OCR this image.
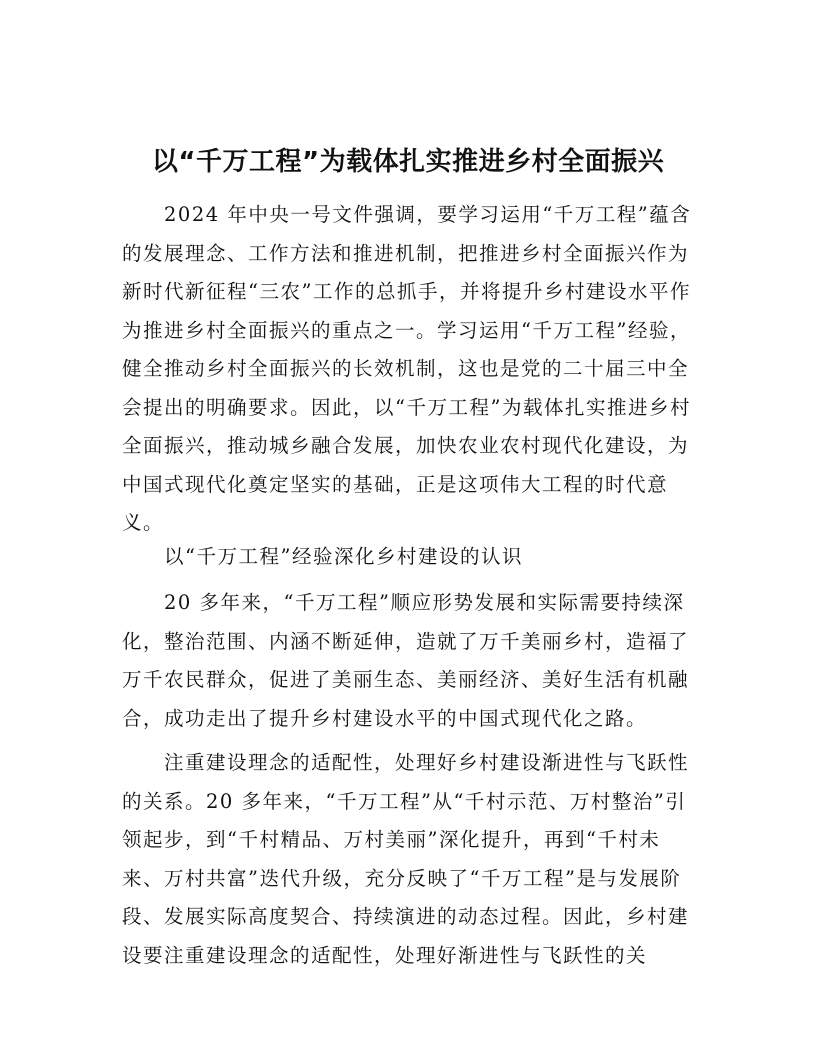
以“千万工程”为载体扎实推进乡村全面振兴

2024 年中央一号文件强调，要学习运用“千万工程”蕴含的发展理念、工作方法和推进机制，把推进乡村全面振兴作为新时代新征程“三农”工作的总抓手，并将提升乡村建设水平作为推进乡村全面振兴的重点之一。学习运用“千万工程”经验，健全推动乡村全面振兴的长效机制，这也是党的二十届三中全会提出的明确要求。因此，以“千万工程”为载体扎实推进乡村全面振兴，推动城乡融合发展，加快农业农村现代化建设，为中国式现代化奠定坚实的基础，正是这项伟大工程的时代意义。

以“千万工程”经验深化乡村建设的认识

20 多年来，“千万工程”顺应形势发展和实际需要持续深化，整治范围、内涵不断延伸，造就了万千美丽乡村，造福了万千农民群众，促进了美丽生态、美丽经济、美好生活有机融合，成功走出了提升乡村建设水平的中国式现代化之路。

注重建设理念的适配性，处理好乡村建设渐进性与飞跃性的关系。20 多年来，“千万工程”从“千村示范、万村整治”引领起步，到“千村精品、万村美丽”深化提升，再到“千村未来、万村共富”迭代升级，充分反映了“千万工程”是与发展阶段、发展实际高度契合、持续演进的动态过程。因此，乡村建设要注重建设理念的适配性，处理好渐进性与飞跃性的关
